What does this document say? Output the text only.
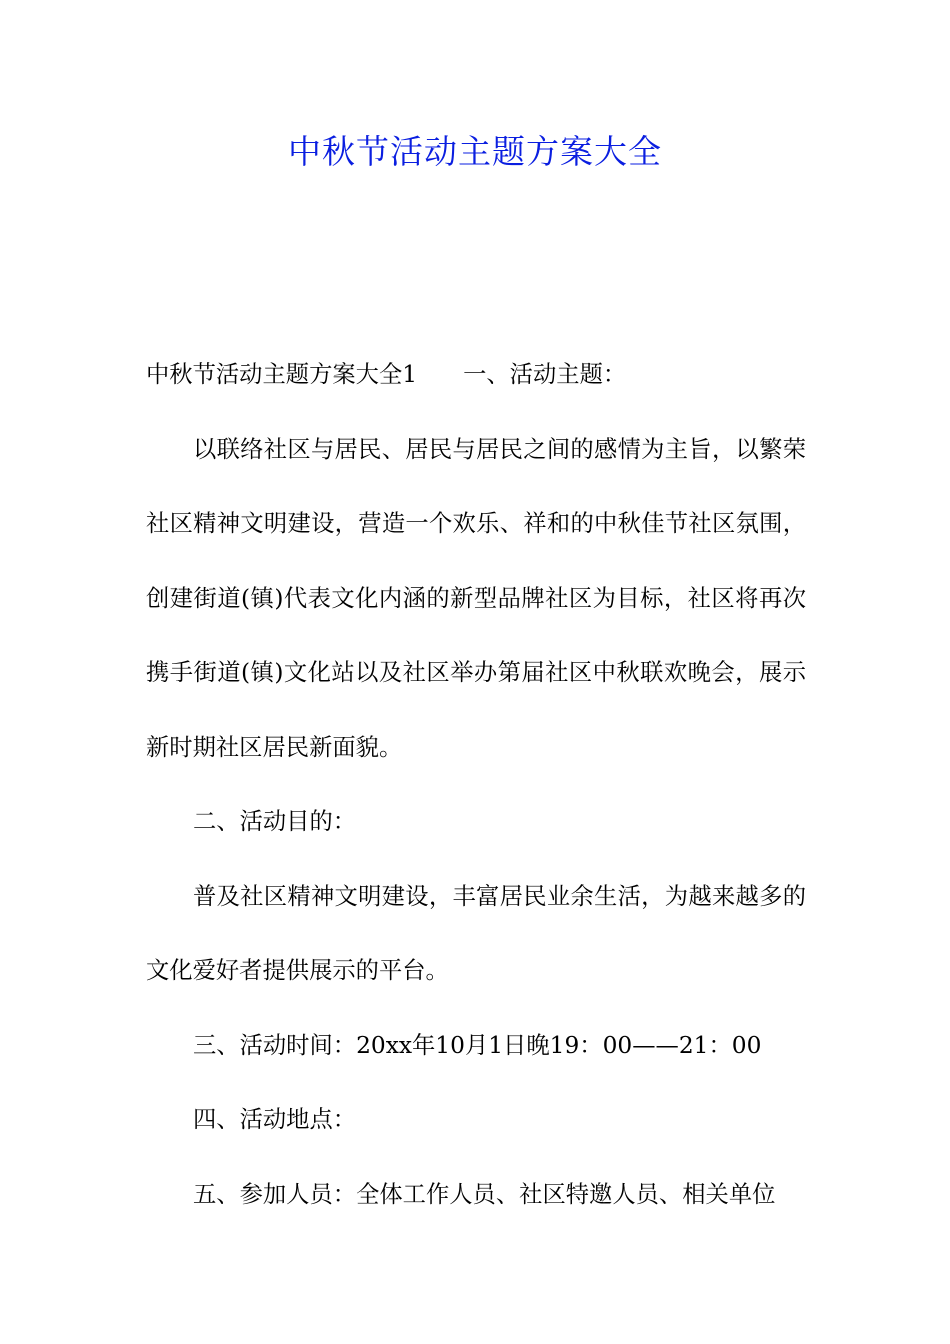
中秋节活动主题方案大全

中秋节活动主题方案大全1 一、活动主题：

以联络社区与居民、居民与居民之间的感情为主旨，以繁荣社区精神文明建设，营造一个欢乐、祥和的中秋佳节社区氛围，创建街道(镇)代表文化内涵的新型品牌社区为目标，社区将再次携手街道(镇)文化站以及社区举办第届社区中秋联欢晚会，展示新时期社区居民新面貌。

二、活动目的：

普及社区精神文明建设，丰富居民业余生活，为越来越多的文化爱好者提供展示的平台。

三、活动时间：20xx年10月1日晚19：00——21：00

四、活动地点：

五、参加人员：全体工作人员、社区特邀人员、相关单位
